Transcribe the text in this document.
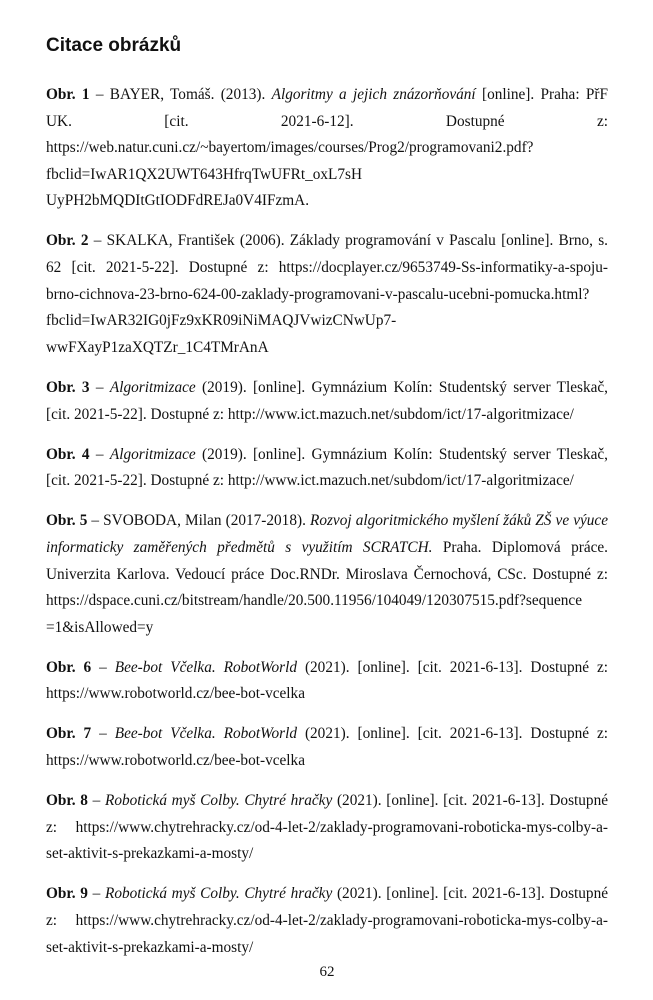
Citace obrázků

Obr. 1 – BAYER, Tomáš. (2013). Algoritmy a jejich znázorňování [online]. Praha: PřF UK. [cit. 2021-6-12]. Dostupné z: https://web.natur.cuni.cz/~bayertom/images/courses/Prog2/programovani2.pdf?fbclid=IwAR1QX2UWT643HfrqTwUFRt_oxL7sH UyPH2bMQDItGtIODFdREJa0V4IFzmA.

Obr. 2 – SKALKA, František (2006). Základy programování v Pascalu [online]. Brno, s. 62 [cit. 2021-5-22]. Dostupné z: https://docplayer.cz/9653749-Ss-informatiky-a-spoju-brno-cichnova-23-brno-624-00-zaklady-programovani-v-pascalu-ucebni-pomucka.html?fbclid=IwAR32IG0jFz9xKR09iNiMAQJVwizCNwUp7-wwFXayP1zaXQTZr_1C4TMrAnA

Obr. 3 – Algoritmizace (2019). [online]. Gymnázium Kolín: Studentský server Tleskač, [cit. 2021-5-22]. Dostupné z: http://www.ict.mazuch.net/subdom/ict/17-algoritmizace/

Obr. 4 – Algoritmizace (2019). [online]. Gymnázium Kolín: Studentský server Tleskač, [cit. 2021-5-22]. Dostupné z: http://www.ict.mazuch.net/subdom/ict/17-algoritmizace/

Obr. 5 – SVOBODA, Milan (2017-2018). Rozvoj algoritmického myšlení žáků ZŠ ve výuce informaticky zaměřených předmětů s využitím SCRATCH. Praha. Diplomová práce. Univerzita Karlova. Vedoucí práce Doc.RNDr. Miroslava Černochová, CSc. Dostupné z: https://dspace.cuni.cz/bitstream/handle/20.500.11956/104049/120307515.pdf?sequence =1&isAllowed=y

Obr. 6 – Bee-bot Včelka. RobotWorld (2021). [online]. [cit. 2021-6-13]. Dostupné z: https://www.robotworld.cz/bee-bot-vcelka

Obr. 7 – Bee-bot Včelka. RobotWorld (2021). [online]. [cit. 2021-6-13]. Dostupné z: https://www.robotworld.cz/bee-bot-vcelka

Obr. 8 – Robotická myš Colby. Chytré hračky (2021). [online]. [cit. 2021-6-13]. Dostupné z: https://www.chytrehracky.cz/od-4-let-2/zaklady-programovani-roboticka-mys-colby-a-set-aktivit-s-prekazkami-a-mosty/

Obr. 9 – Robotická myš Colby. Chytré hračky (2021). [online]. [cit. 2021-6-13]. Dostupné z: https://www.chytrehracky.cz/od-4-let-2/zaklady-programovani-roboticka-mys-colby-a-set-aktivit-s-prekazkami-a-mosty/

62
